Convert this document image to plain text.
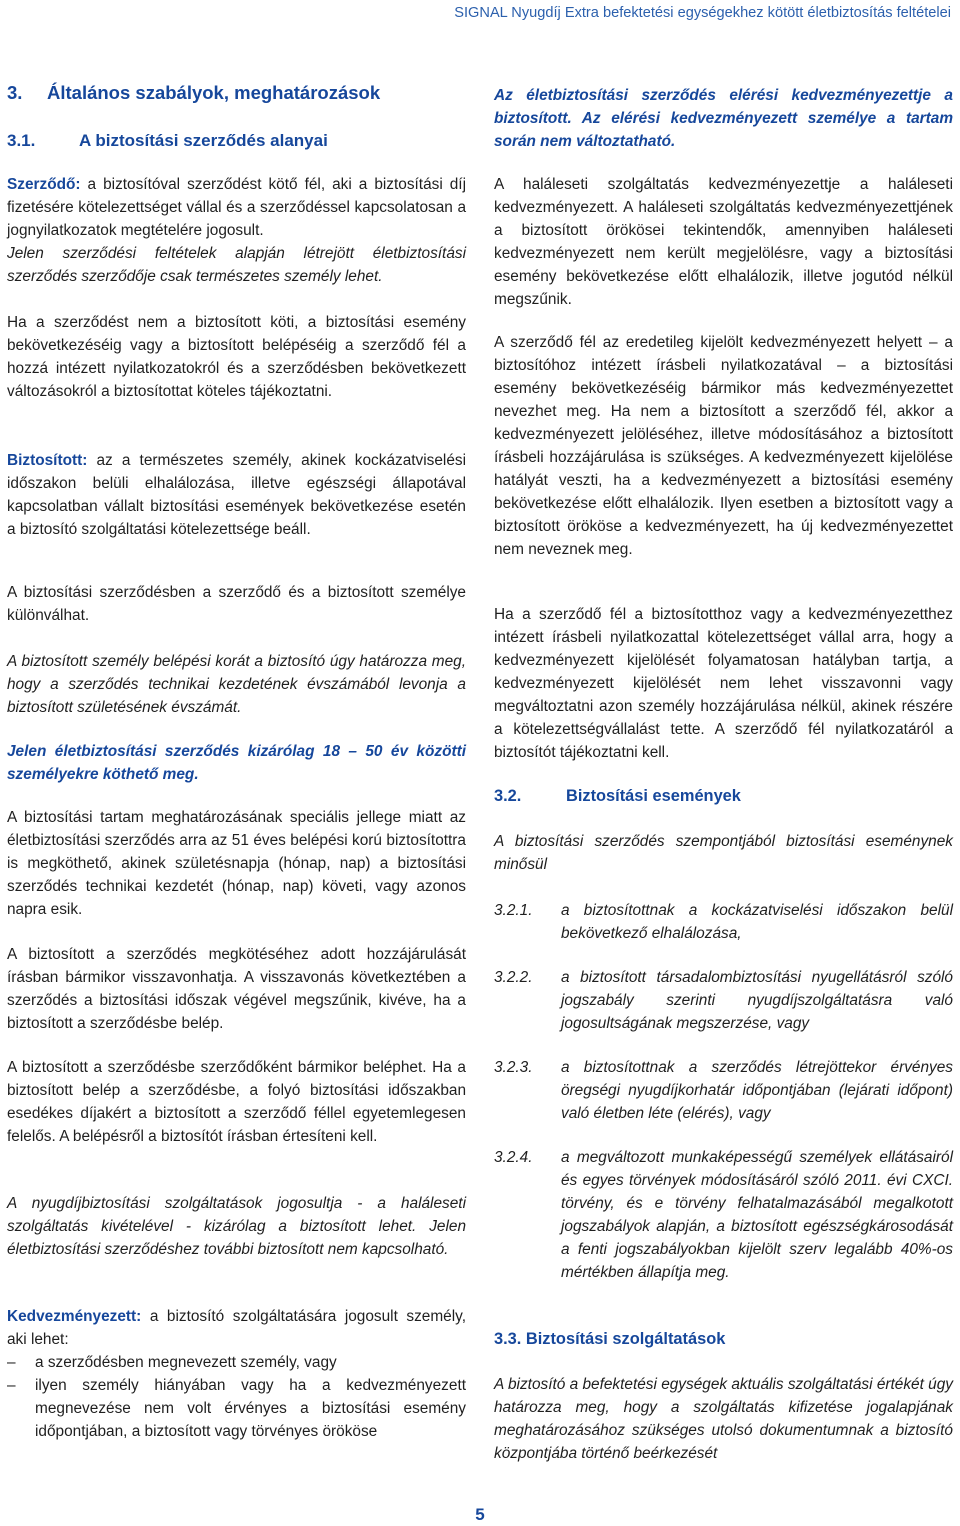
SIGNAL Nyugdíj Extra befektetési egységekhez kötött életbiztosítás feltételei
3. Általános szabályok, meghatározások
3.1.	A biztosítási szerződés alanyai

Szerződő: a biztosítóval szerződést kötő fél, aki a biztosítási díj fizetésére kötelezettséget vállal és a szerződéssel kapcsolatosan a jognyilatkozatok megtételére jogosult.

Jelen szerződési feltételek alapján létrejött életbiztosítási szerződés szerződője csak természetes személy lehet.

Ha a szerződést nem a biztosított köti, a biztosítási esemény bekövetkezéséig vagy a biztosított belépéséig a szerződő fél a hozzá intézett nyilatkozatokról és a szerződésben bekövetkezett változásokról a biztosítottat köteles tájékoztatni.

Biztosított: az a természetes személy, akinek kockázatviselési időszakon belüli elhalálozása, illetve egészségi állapotával kapcsolatban vállalt biztosítási események bekövetkezése esetén a biztosító szolgáltatási kötelezettsége beáll.

A biztosítási szerződésben a szerződő és a biztosított személye különválhat.

A biztosított személy belépési korát a biztosító úgy határozza meg, hogy a szerződés technikai kezdetének évszámából levonja a biztosított születésének évszámát.

Jelen életbiztosítási szerződés kizárólag 18 – 50 év közötti személyekre köthető meg.

A biztosítási tartam meghatározásának speciális jellege miatt az életbiztosítási szerződés arra az 51 éves belépési korú biztosítottra is megköthető, akinek születésnapja (hónap, nap) a biztosítási szerződés technikai kezdetét (hónap, nap) követi, vagy azonos napra esik.

A biztosított a szerződés megkötéséhez adott hozzájárulását írásban bármikor visszavonhatja. A visszavonás következtében a szerződés a biztosítási időszak végével megszűnik, kivéve, ha a biztosított a szerződésbe belép.

A biztosított a szerződésbe szerződőként bármikor beléphet. Ha a biztosított belép a szerződésbe, a folyó biztosítási időszakban esedékes díjakért a biztosított a szerződő féllel egyetemlegesen felelős. A belépésről a biztosítót írásban értesíteni kell.

A nyugdíjbiztosítási szolgáltatások jogosultja - a haláleseti szolgáltatás kivételével - kizárólag a biztosított lehet. Jelen életbiztosítási szerződéshez további biztosított nem kapcsolható.

Kedvezményezett: a biztosító szolgáltatására jogosult személy, aki lehet:

– a szerződésben megnevezett személy, vagy
– ilyen személy hiányában vagy ha a kedvezményezett megnevezése nem volt érvényes a biztosítási esemény időpontjában, a biztosított vagy törvényes örököse

Az életbiztosítási szerződés elérési kedvezményezettje a biztosított. Az elérési kedvezményezett személye a tartam során nem változtatható.

A haláleseti szolgáltatás kedvezményezettje a haláleseti kedvezményezett. A haláleseti szolgáltatás kedvezményezettjének a biztosított örökösei tekintendők, amennyiben haláleseti kedvezményezett nem került megjelölésre, vagy a biztosítási esemény bekövetkezése előtt elhalálozik, illetve jogutód nélkül megszűnik.

A szerződő fél az eredetileg kijelölt kedvezményezett helyett – a biztosítóhoz intézett írásbeli nyilatkozatával – a biztosítási esemény bekövetkezéséig bármikor más kedvezményezettet nevezhet meg. Ha nem a biztosított a szerződő fél, akkor a kedvezményezett jelöléséhez, illetve módosításához a biztosított írásbeli hozzájárulása is szükséges. A kedvezményezett kijelölése hatályát veszti, ha a kedvezményezett a biztosítási esemény bekövetkezése előtt elhalálozik. Ilyen esetben a biztosított vagy a biztosított örököse a kedvezményezett, ha új kedvezményezettet nem neveznek meg.

Ha a szerződő fél a biztosítotthoz vagy a kedvezményezetthez intézett írásbeli nyilatkozattal kötelezettséget vállal arra, hogy a kedvezményezett kijelölését folyamatosan hatályban tartja, a kedvezményezett kijelölését nem lehet visszavonni vagy megváltoztatni azon személy hozzájárulása nélkül, akinek részére a kötelezettségvállalást tette. A szerződő fél nyilatkozatáról a biztosítót tájékoztatni kell.

3.2.	Biztosítási események

A biztosítási szerződés szempontjából biztosítási eseménynek minősül

3.2.1. a biztosítottnak a kockázatviselési időszakon belül bekövetkező elhalálozása,
3.2.2. a biztosított társadalombiztosítási nyugellátásról szóló jogszabály szerinti nyugdíjszolgáltatásra való jogosultságának megszerzése, vagy
3.2.3. a biztosítottnak a szerződés létrejöttekor érvényes öregségi nyugdíjkorhatár időpontjában (lejárati időpont) való életben léte (elérés), vagy
3.2.4. a megváltozott munkaképességű személyek ellátásairól és egyes törvények módosításáról szóló 2011. évi CXCI. törvény, és e törvény felhatalmazásából megalkotott jogszabályok alapján, a biztosított egészségkárosodását a fenti jogszabályokban kijelölt szerv legalább 40%-os mértékben állapítja meg.
3.3. Biztosítási szolgáltatások

A biztosító a befektetési egységek aktuális szolgáltatási értékét úgy határozza meg, hogy a szolgáltatás kifizetése jogalapjának meghatározásához szükséges utolsó dokumentumnak a biztosító központjába történő beérkezését

5
